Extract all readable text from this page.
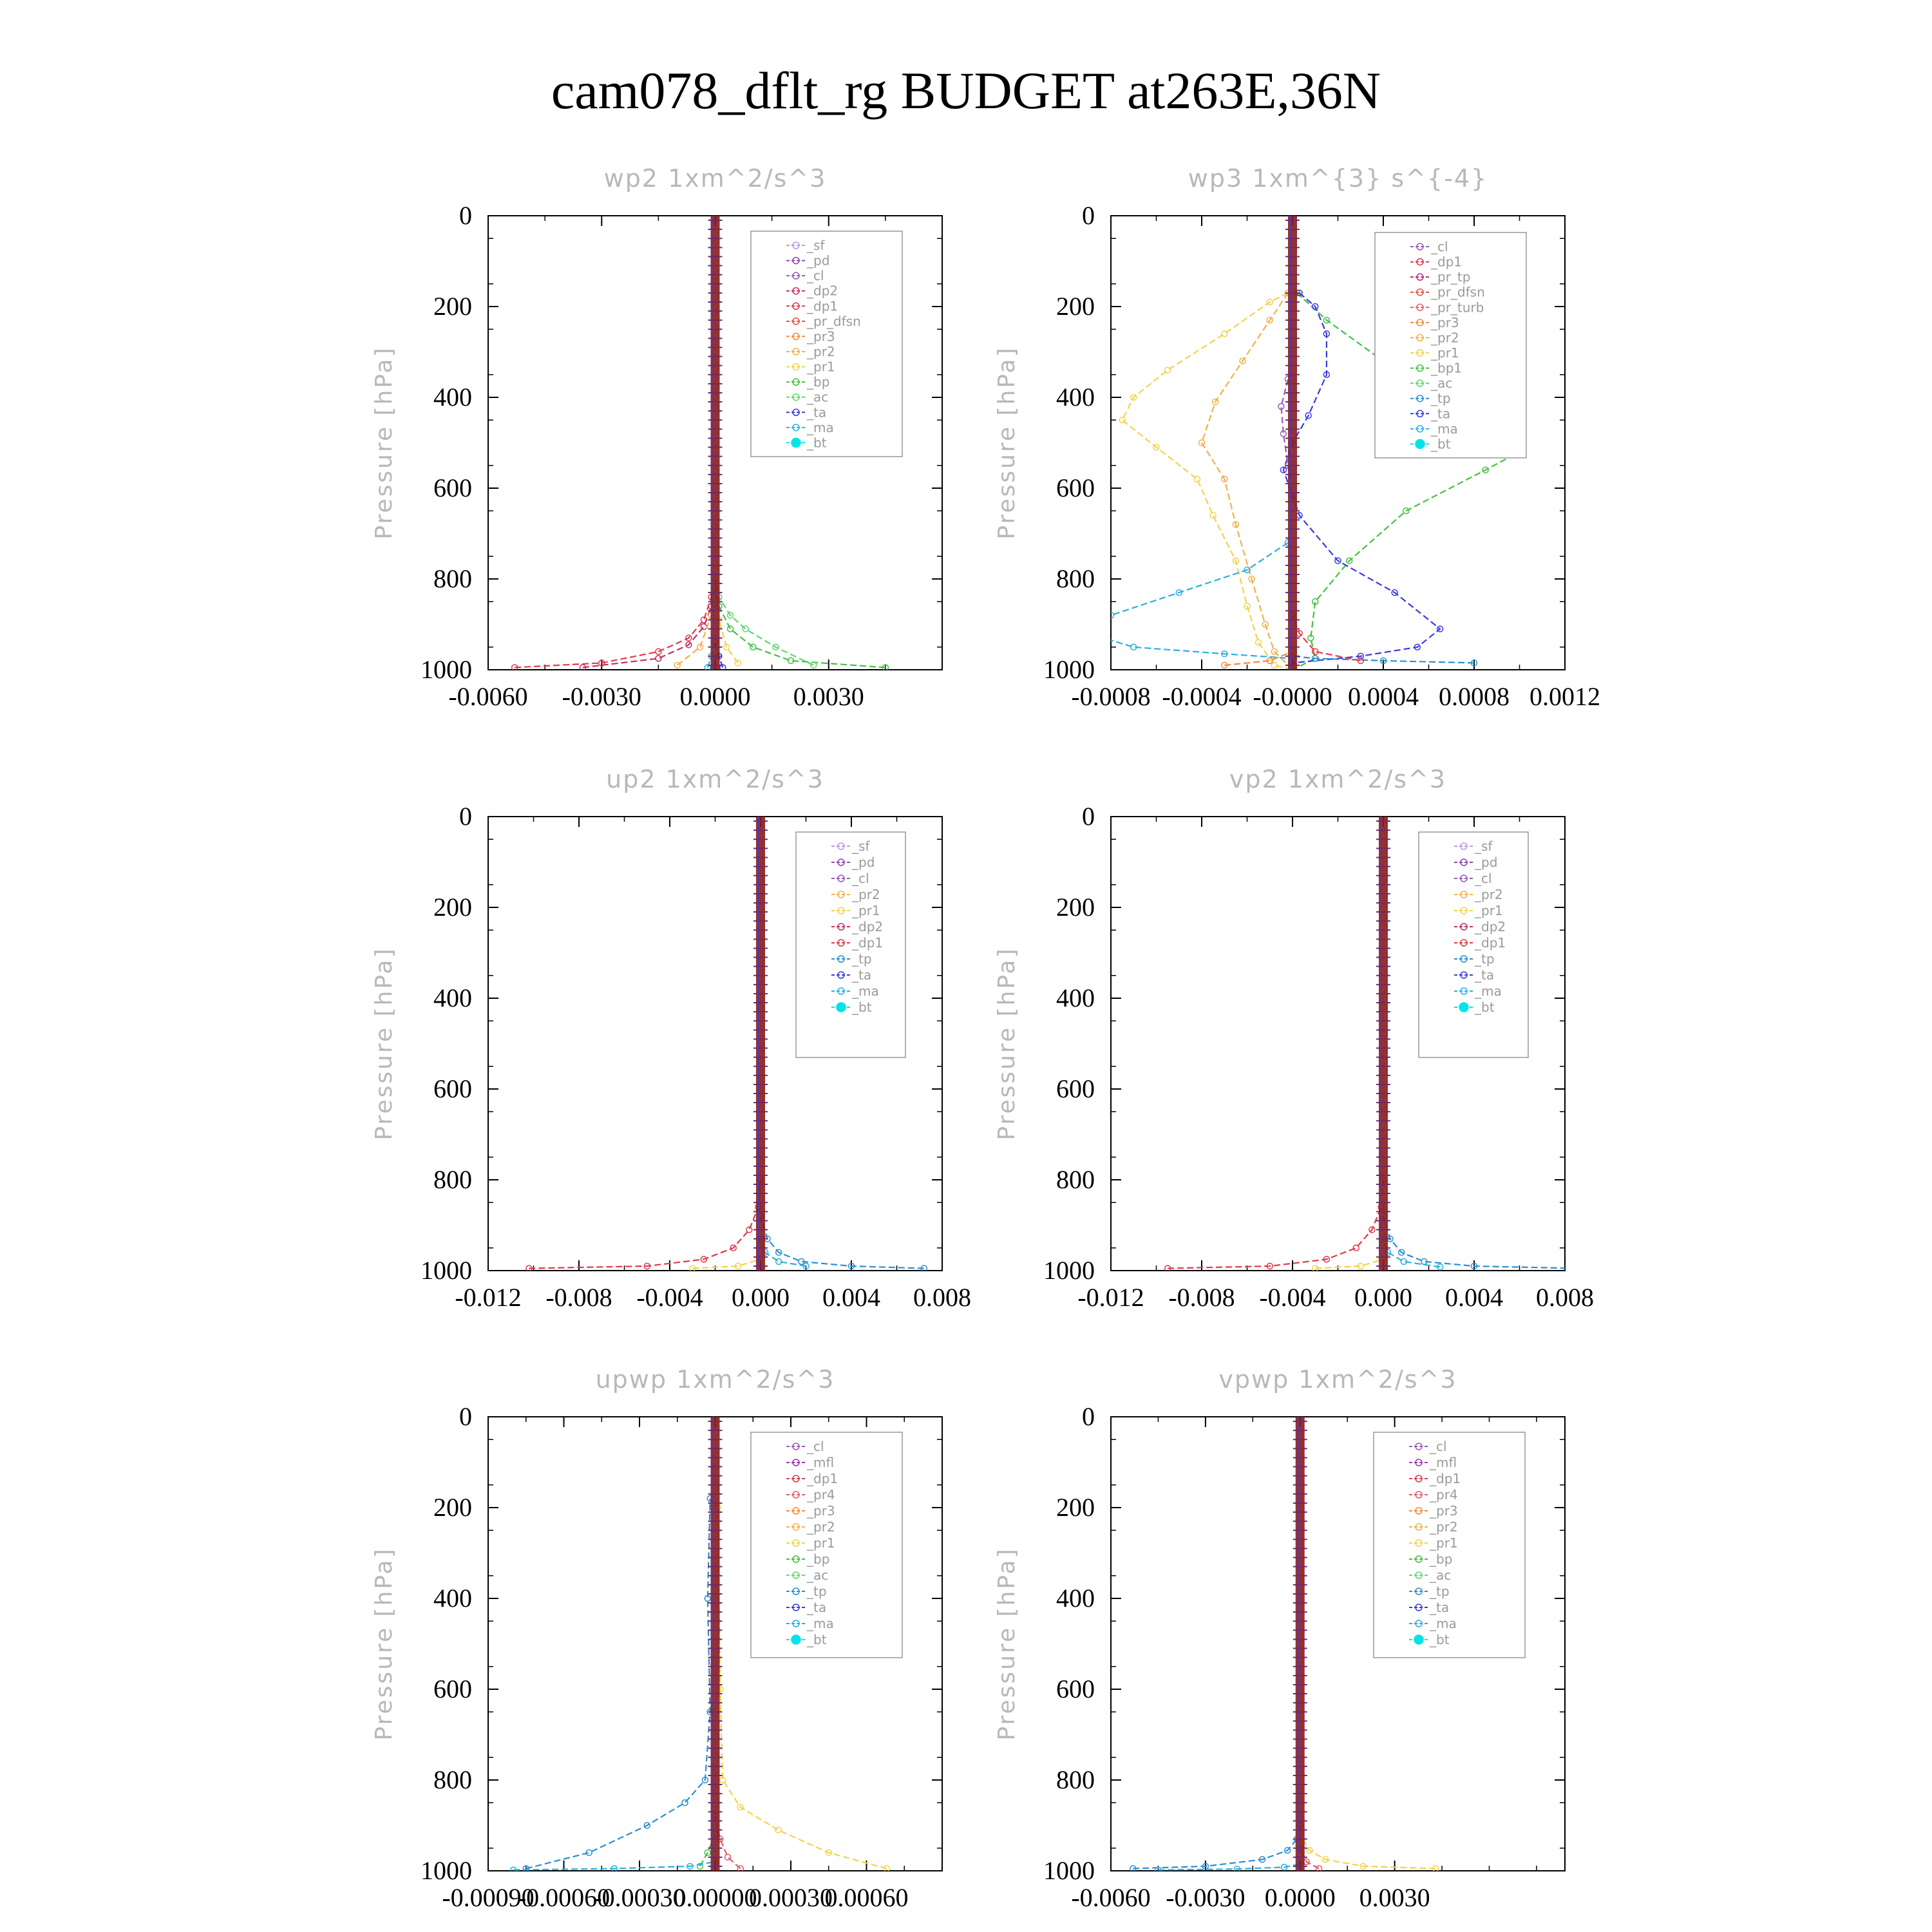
cam078_dflt_rg BUDGET at263E,36N
wp2 1xm^2/s^3
Pressure [hPa]
0
200
400
600
800
1000
-0.0060 -0.0030 0.0000 0.0030
_sf
_pd
_cl
_dp2
_dp1
_pr_dfsn
_pr3
_pr2
_pr1
_bp
_ac
_ta
_ma
_bt
wp3 1xm^{3} s^{-4}
Pressure [hPa]
0
200
400
600
800
1000
-0.0008 -0.0004 -0.0000 0.0004 0.0008 0.0012
_cl
_dp1
_pr_tp
_pr_dfsn
_pr_turb
_pr3
_pr2
_pr1
_bp1
_ac
_tp
_ta
_ma
_bt
up2 1xm^2/s^3
Pressure [hPa]
0
200
400
600
800
1000
-0.012 -0.008 -0.004 0.000 0.004 0.008
_sf
_pd
_cl
_pr2
_pr1
_dp2
_dp1
_tp
_ta
_ma
_bt
vp2 1xm^2/s^3
Pressure [hPa]
0
200
400
600
800
1000
-0.012 -0.008 -0.004 0.000 0.004 0.008
_sf
_pd
_cl
_pr2
_pr1
_dp2
_dp1
_tp
_ta
_ma
_bt
upwp 1xm^2/s^3
Pressure [hPa]
0
200
400
600
800
1000
-0.00090
-0.00060
-0.00030
0.00000
0.00030
0.00060
_cl
_mfl
_dp1
_pr4
_pr3
_pr2
_pr1
_bp
_ac
_tp
_ta
_ma
_bt
vpwp 1xm^2/s^3
Pressure [hPa]
0
200
400
600
800
1000
-0.0060 -0.0030 0.0000 0.0030
_cl
_mfl
_dp1
_pr4
_pr3
_pr2
_pr1
_bp
_ac
_tp
_ta
_ma
_bt
